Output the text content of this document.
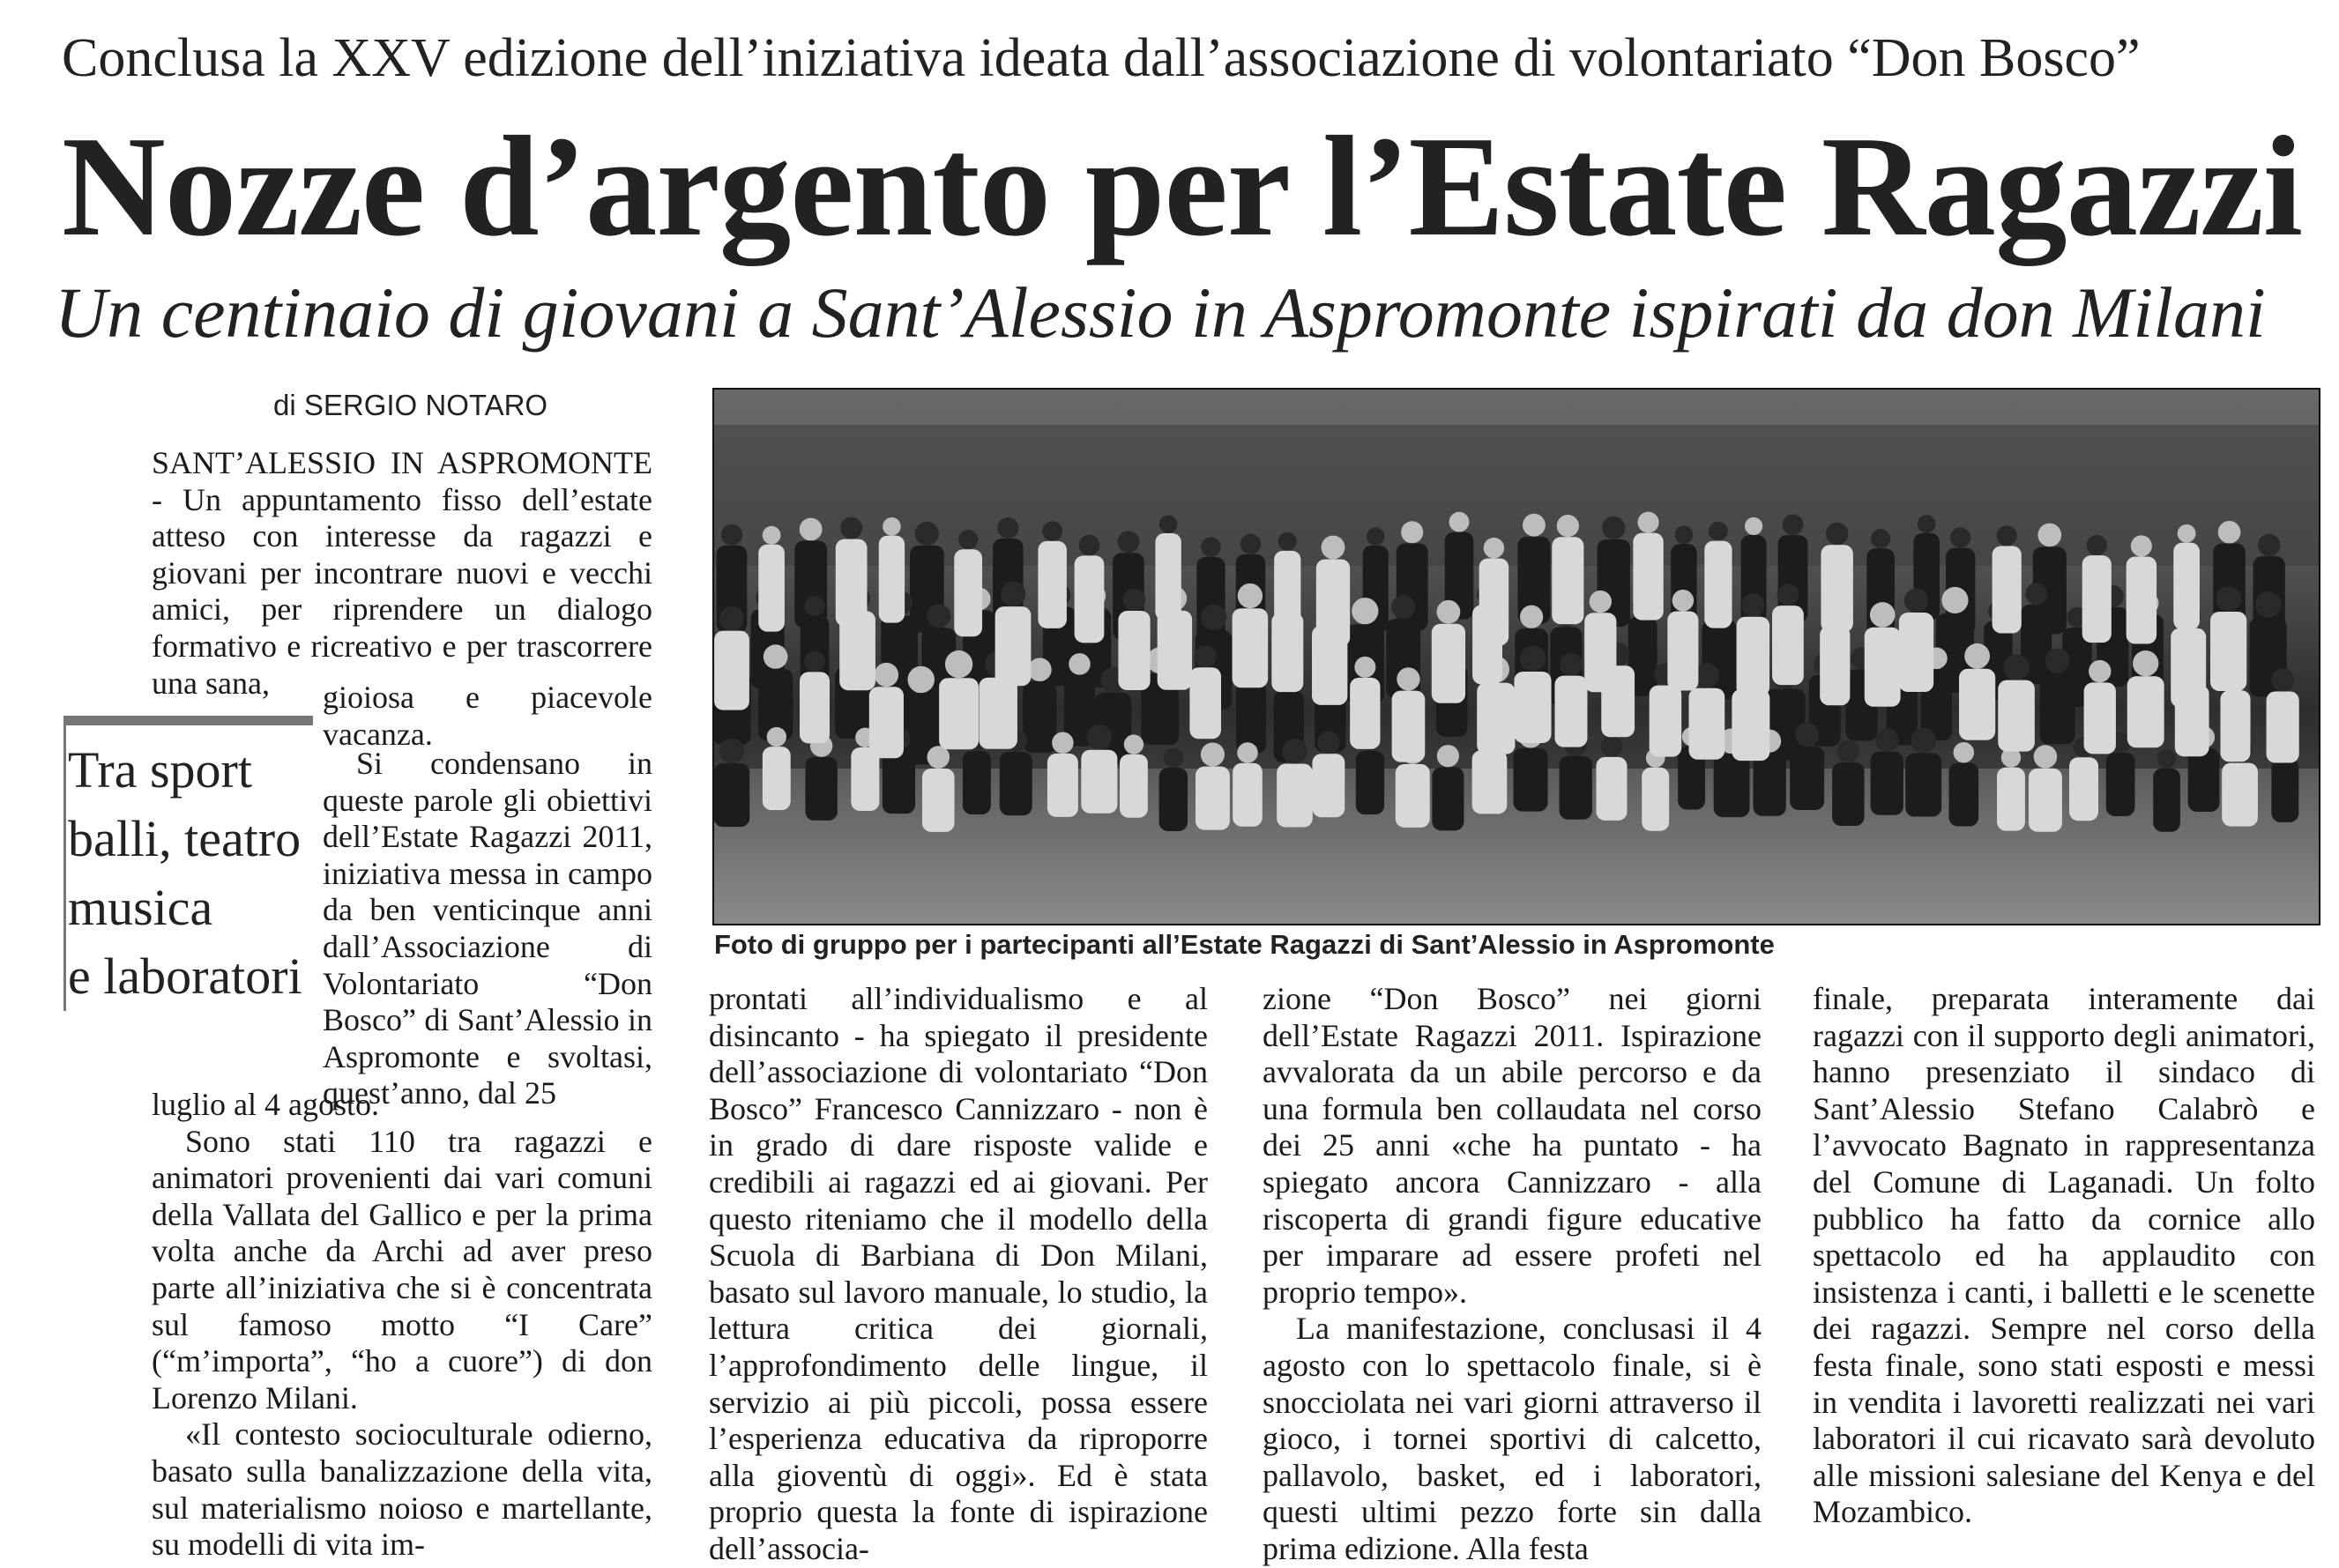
Conclusa la XXV edizione dell’iniziativa ideata dall’associazione di volontariato “Don Bosco”
Nozze d’argento per l’Estate Ragazzi
Un centinaio di giovani a Sant’Alessio in Aspromonte ispirati da don Milani
di SERGIO NOTARO

SANT’ALESSIO IN ASPROMONTE - Un appuntamento fisso dell’estate atteso con interesse da ragazzi e giovani per incontrare nuovi e vecchi amici, per riprendere un dialogo formativo e ricreativo e per trascorrere una sana,	gioiosa e piacevole vacanza.

Si condensano in queste parole gli obiettivi dell’Estate Ragazzi 2011, iniziativa messa in campo da ben venticinque anni dall’Associazione di Volontariato “Don Bosco” di Sant’Alessio in Aspromonte e svoltasi, quest’anno, dal 25

luglio al 4 agosto.

Sono stati 110 tra ragazzi e animatori provenienti dai vari comuni della Vallata del Gallico e per la prima volta anche da Archi ad aver preso parte all’iniziativa che si è concentrata sul famoso motto “I Care” (“m’importa”, “ho a cuore”) di don Lorenzo Milani.

«Il contesto socioculturale odierno, basato sulla banalizzazione della vita, sul materialismo noioso e martellante, su modelli di vita im-

Tra sport
balli, teatro
musica
e laboratori
Foto di gruppo per i partecipanti all’Estate Ragazzi di Sant’Alessio in Aspromonte

prontati all’individualismo e al disincanto - ha spiegato il presidente dell’associazione di volontariato “Don Bosco” Francesco Cannizzaro - non è in grado di dare risposte valide e credibili ai ragazzi ed ai giovani. Per questo riteniamo che il modello della Scuola di Barbiana di Don Milani, basato sul lavoro manuale, lo studio, la lettura critica dei giornali, l’approfondimento delle lingue, il servizio ai più piccoli, possa essere l’esperienza educativa da riproporre alla gioventù di oggi». Ed è stata proprio questa la fonte di ispirazione dell’associa-

zione “Don Bosco” nei giorni dell’Estate Ragazzi 2011. Ispirazione avvalorata da un abile percorso e da una formula ben collaudata nel corso dei 25 anni «che ha puntato - ha spiegato ancora Cannizzaro - alla riscoperta di grandi figure educative per imparare ad essere profeti nel proprio tempo».

La manifestazione, conclusasi il 4 agosto con lo spettacolo finale, si è snocciolata nei vari giorni attraverso il gioco, i tornei sportivi di calcetto, pallavolo, basket, ed i laboratori, questi ultimi pezzo forte sin dalla prima edizione. Alla festa

finale, preparata interamente dai ragazzi con il supporto degli animatori, hanno presenziato il sindaco di Sant’Alessio Stefano Calabrò e l’avvocato Bagnato in rappresentanza del Comune di Laganadi. Un folto pubblico ha fatto da cornice allo spettacolo ed ha applaudito con insistenza i canti, i balletti e le scenette dei ragazzi. Sempre nel corso della festa finale, sono stati esposti e messi in vendita i lavoretti realizzati nei vari laboratori il cui ricavato sarà devoluto alle missioni salesiane del Kenya e del Mozambico.
